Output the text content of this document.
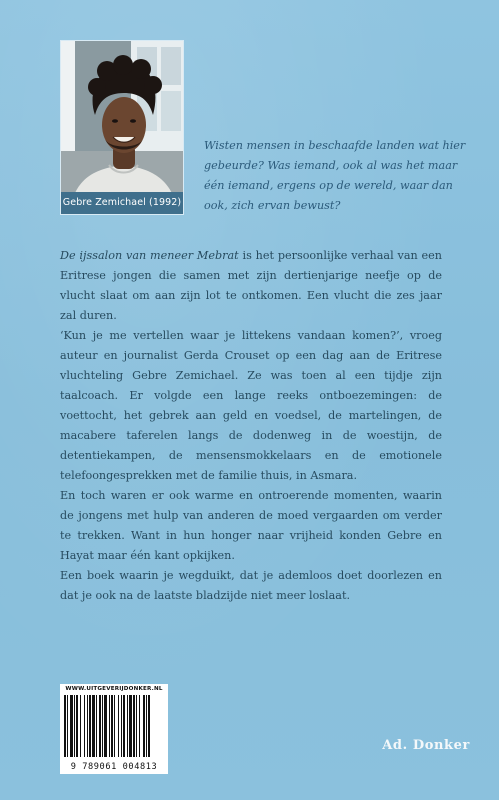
Gebre Zemichael (1992)

Wisten mensen in beschaafde landen wat hier gebeurde? Was iemand, ook al was het maar één iemand, ergens op de wereld, waar dan ook, zich ervan bewust?

De ijssalon van meneer Mebrat is het persoonlijke verhaal van een Eritrese jongen die samen met zijn dertienjarige neefje op de vlucht slaat om aan zijn lot te ontkomen. Een vlucht die zes jaar zal duren.

‘Kun je me vertellen waar je littekens vandaan komen?’, vroeg auteur en journalist Gerda Crouset op een dag aan de Eritrese vluchteling Gebre Zemichael. Ze was toen al een tijdje zijn taalcoach. Er volgde een lange reeks ontboezemingen: de voettocht, het gebrek aan geld en voedsel, de martelingen, de macabere taferelen langs de dodenweg in de woestijn, de detentiekampen, de mensensmokkelaars en de emotionele telefoongesprekken met de familie thuis, in Asmara.

En toch waren er ook warme en ontroerende momenten, waarin de jongens met hulp van anderen de moed vergaarden om verder te trekken. Want in hun honger naar vrijheid konden Gebre en Hayat maar één kant opkijken.

Een boek waarin je wegduikt, dat je ademloos doet doorlezen en dat je ook na de laatste bladzijde niet meer loslaat.

WWW.UITGEVERIJDONKER.NL
9 789061 004813
Ad. Donker
